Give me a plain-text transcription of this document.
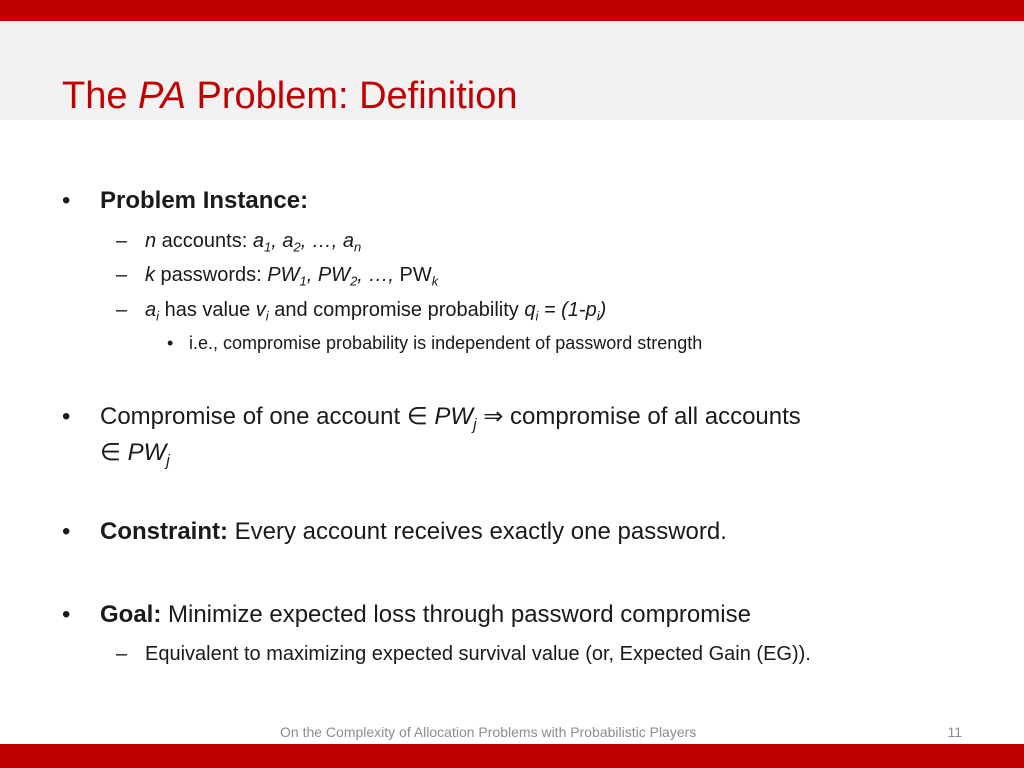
The PA Problem: Definition
• Problem Instance:
– n accounts: $a_1$, $a_2$, …, $a_n$
– k passwords: $PW_1$, $PW_2$, …, $PW_k$
– $a_i$ has value $v_i$ and compromise probability $q_i = (1-p_i)$
• i.e., compromise probability is independent of password strength
• Compromise of one account ∈ $PW_j$ ⇒ compromise of all accounts
∈ $PW_j$
• Constraint: Every account receives exactly one password.
• Goal: Minimize expected loss through password compromise
– Equivalent to maximizing expected survival value (or, Expected Gain (EG)).
On the Complexity of Allocation Problems with Probabilistic Players	11
